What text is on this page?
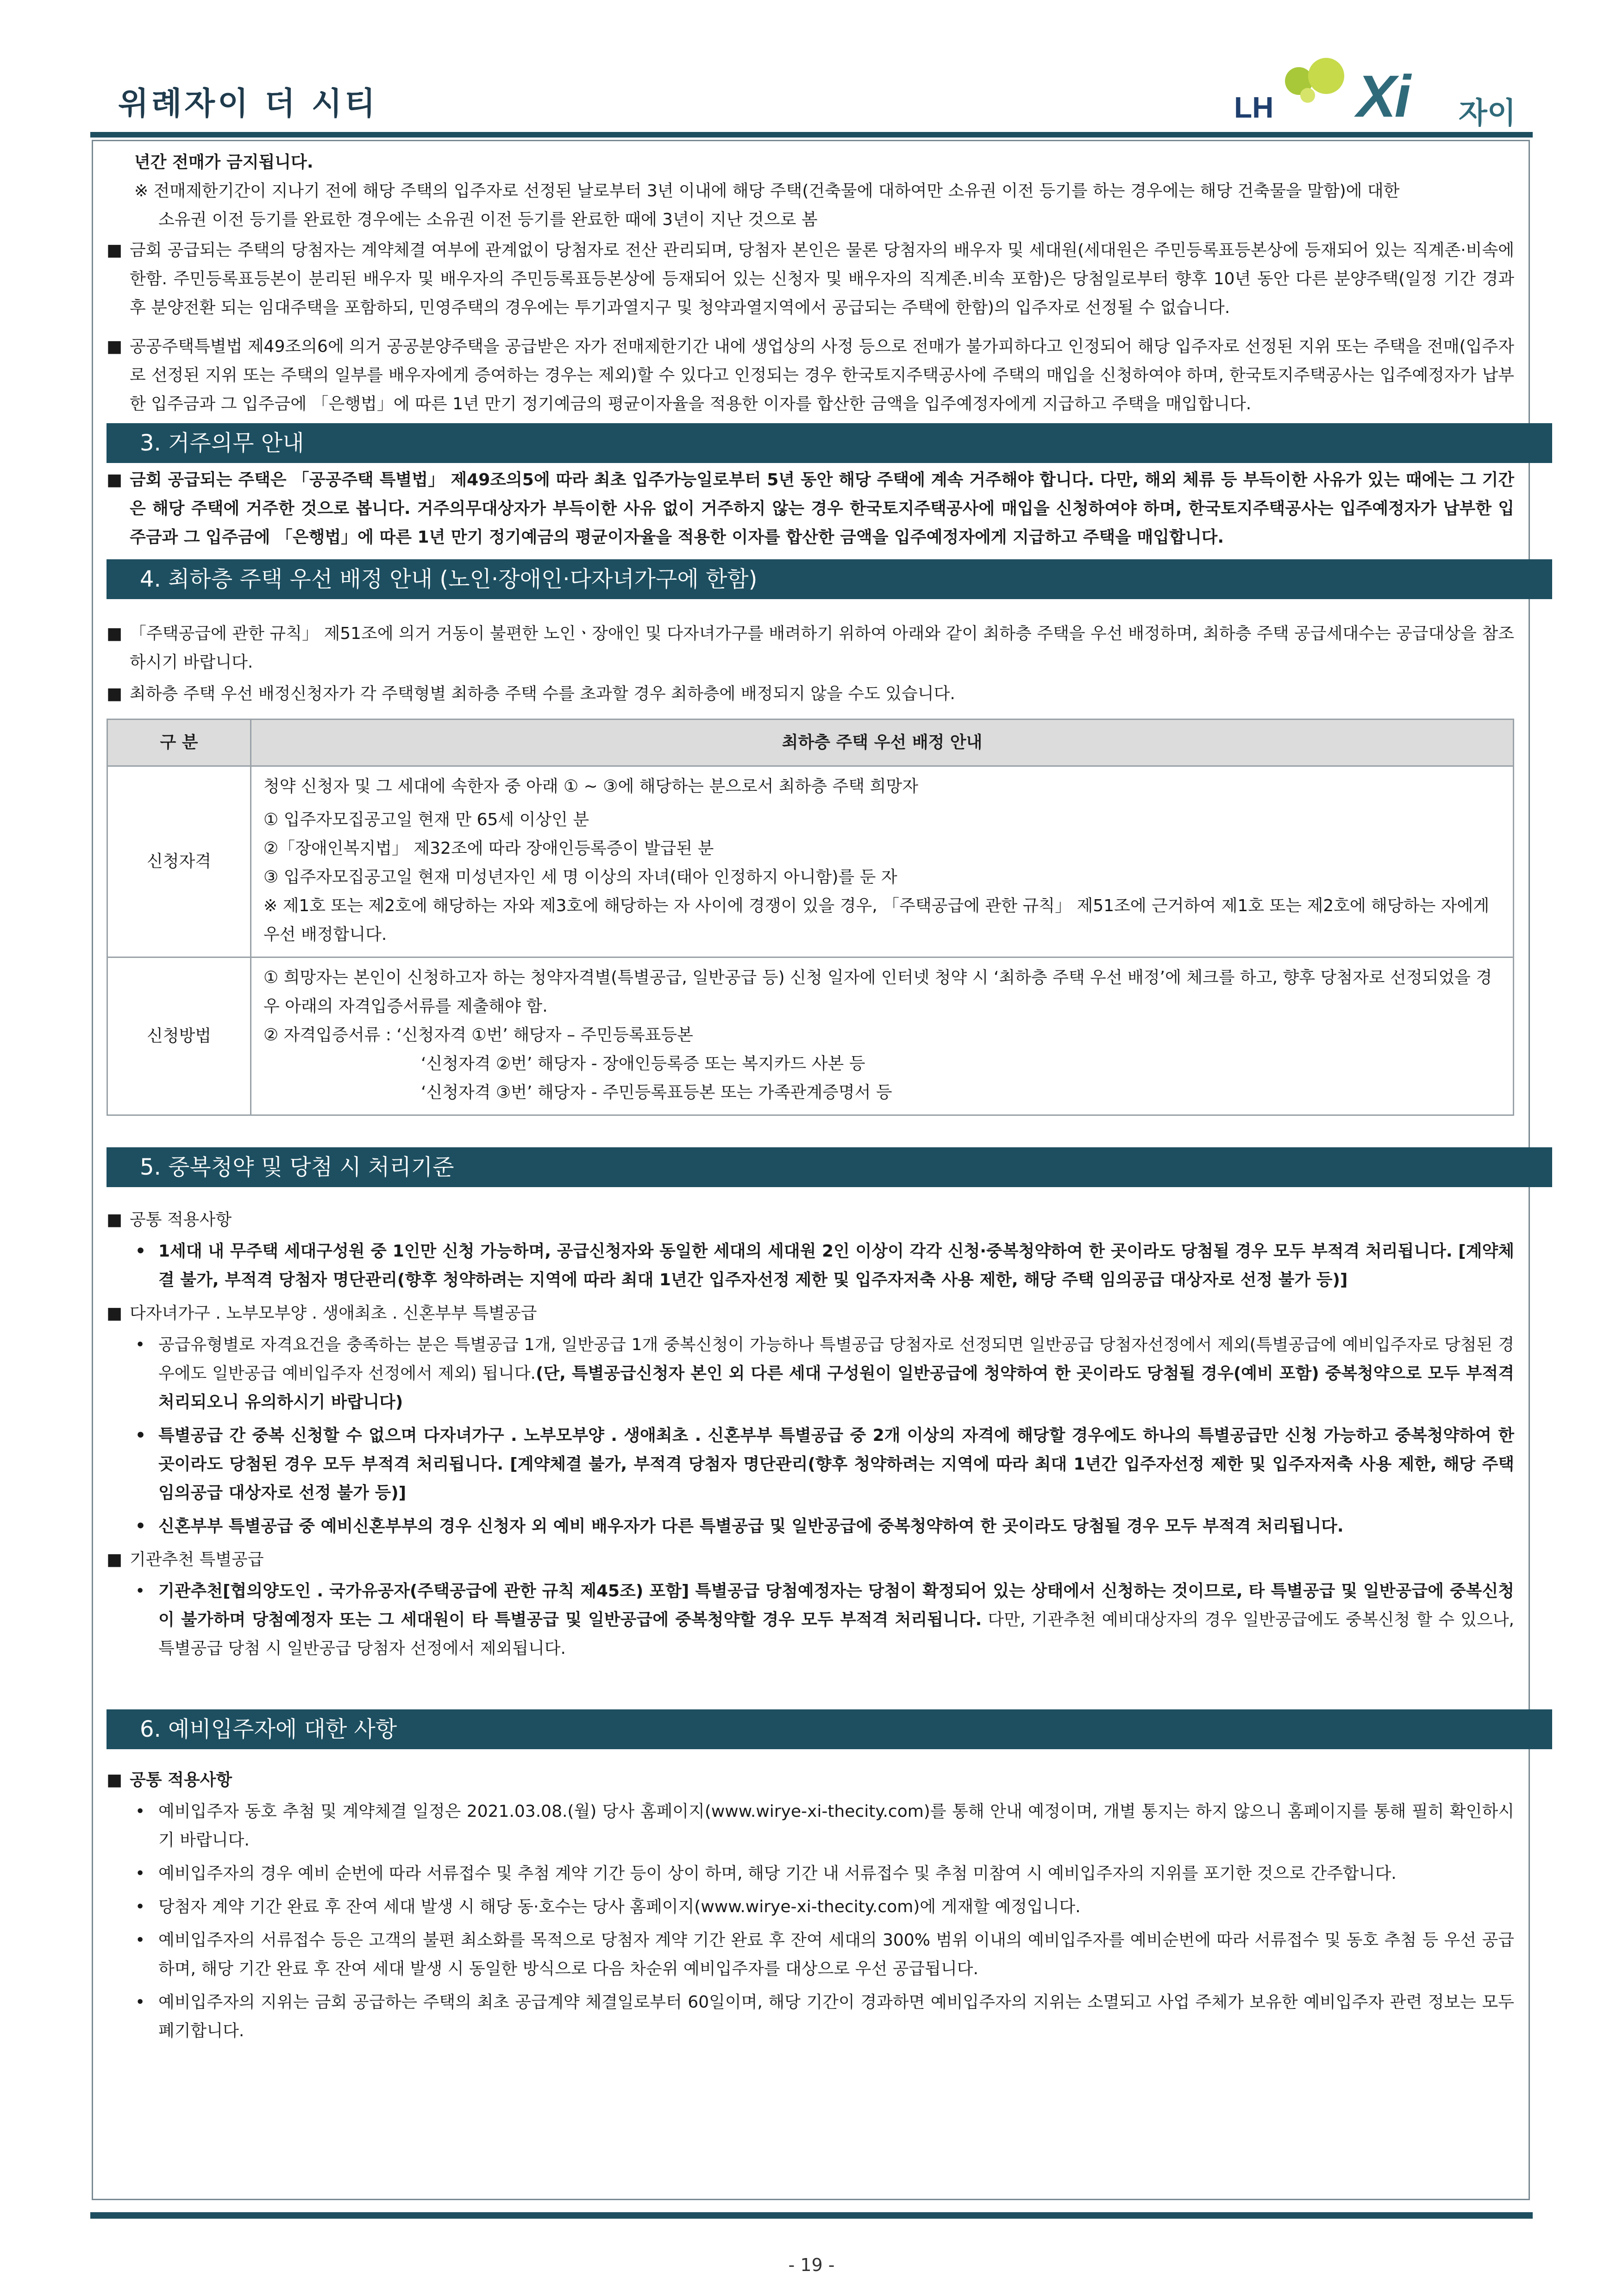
위례자이 더 시티	LH Xi 자이

년간 전매가 금지됩니다.

※ 전매제한기간이 지나기 전에 해당 주택의 입주자로 선정된 날로부터 3년 이내에 해당 주택(건축물에 대하여만 소유권 이전 등기를 하는 경우에는 해당 건축물을 말함)에 대한

소유권 이전 등기를 완료한 경우에는 소유권 이전 등기를 완료한 때에 3년이 지난 것으로 봄

■ 금회 공급되는 주택의 당첨자는 계약체결 여부에 관계없이 당첨자로 전산 관리되며, 당첨자 본인은 물론 당첨자의 배우자 및 세대원(세대원은 주민등록표등본상에 등재되어 있는 직계존·비속에 한함. 주민등록표등본이 분리된 배우자 및 배우자의 주민등록표등본상에 등재되어 있는 신청자 및 배우자의 직계존.비속 포함)은 당첨일로부터 향후 10년 동안 다른 분양주택(일정 기간 경과 후 분양전환 되는 임대주택을 포함하되, 민영주택의 경우에는 투기과열지구 및 청약과열지역에서 공급되는 주택에 한함)의 입주자로 선정될 수 없습니다.
■ 공공주택특별법 제49조의6에 의거 공공분양주택을 공급받은 자가 전매제한기간 내에 생업상의 사정 등으로 전매가 불가피하다고 인정되어 해당 입주자로 선정된 지위 또는 주택을 전매(입주자로 선정된 지위 또는 주택의 일부를 배우자에게 증여하는 경우는 제외)할 수 있다고 인정되는 경우 한국토지주택공사에 주택의 매입을 신청하여야 하며, 한국토지주택공사는 입주예정자가 납부한 입주금과 그 입주금에 「은행법」에 따른 1년 만기 정기예금의 평균이자율을 적용한 이자를 합산한 금액을 입주예정자에게 지급하고 주택을 매입합니다.
3. 거주의무 안내
■ 금회 공급되는 주택은 「공공주택 특별법」 제49조의5에 따라 최초 입주가능일로부터 5년 동안 해당 주택에 계속 거주해야 합니다. 다만, 해외 체류 등 부득이한 사유가 있는 때에는 그 기간은 해당 주택에 거주한 것으로 봅니다. 거주의무대상자가 부득이한 사유 없이 거주하지 않는 경우 한국토지주택공사에 매입을 신청하여야 하며, 한국토지주택공사는 입주예정자가 납부한 입주금과 그 입주금에 「은행법」에 따른 1년 만기 정기예금의 평균이자율을 적용한 이자를 합산한 금액을 입주예정자에게 지급하고 주택을 매입합니다.
4. 최하층 주택 우선 배정 안내 (노인·장애인·다자녀가구에 한함)
■ 「주택공급에 관한 규칙」 제51조에 의거 거동이 불편한 노인ㆍ장애인 및 다자녀가구를 배려하기 위하여 아래와 같이 최하층 주택을 우선 배정하며, 최하층 주택 공급세대수는 공급대상을 참조하시기 바랍니다.
■ 최하층 주택 우선 배정신청자가 각 주택형별 최하층 주택 수를 초과할 경우 최하층에 배정되지 않을 수도 있습니다.
구 분	최하층 주택 우선 배정 안내
신청자격	청약 신청자 및 그 세대에 속한자 중 아래 ① ~ ③에 해당하는 분으로서 최하층 주택 희망자

① 입주자모집공고일 현재 만 65세 이상인 분

②「장애인복지법」 제32조에 따라 장애인등록증이 발급된 분

③ 입주자모집공고일 현재 미성년자인 세 명 이상의 자녀(태아 인정하지 아니함)를 둔 자

※ 제1호 또는 제2호에 해당하는 자와 제3호에 해당하는 자 사이에 경쟁이 있을 경우, 「주택공급에 관한 규칙」 제51조에 근거하여 제1호 또는 제2호에 해당하는 자에게 우선 배정합니다.

신청방법	① 희망자는 본인이 신청하고자 하는 청약자격별(특별공급, 일반공급 등) 신청 일자에 인터넷 청약 시 ‘최하층 주택 우선 배정’에 체크를 하고, 향후 당첨자로 선정되었을 경우 아래의 자격입증서류를 제출해야 함.

② 자격입증서류 : ‘신청자격 ①번’ 해당자 – 주민등록표등본

‘신청자격 ②번’ 해당자 - 장애인등록증 또는 복지카드 사본 등

‘신청자격 ③번’ 해당자 - 주민등록표등본 또는 가족관계증명서 등

5. 중복청약 및 당첨 시 처리기준
■ 공통 적용사항
• 1세대 내 무주택 세대구성원 중 1인만 신청 가능하며, 공급신청자와 동일한 세대의 세대원 2인 이상이 각각 신청·중복청약하여 한 곳이라도 당첨될 경우 모두 부적격 처리됩니다. [계약체결 불가, 부적격 당첨자 명단관리(향후 청약하려는 지역에 따라 최대 1년간 입주자선정 제한 및 입주자저축 사용 제한, 해당 주택 임의공급 대상자로 선정 불가 등)]
■ 다자녀가구 . 노부모부양 . 생애최초 . 신혼부부 특별공급
• 공급유형별로 자격요건을 충족하는 분은 특별공급 1개, 일반공급 1개 중복신청이 가능하나 특별공급 당첨자로 선정되면 일반공급 당첨자선정에서 제외(특별공급에 예비입주자로 당첨된 경우에도 일반공급 예비입주자 선정에서 제외) 됩니다.(단, 특별공급신청자 본인 외 다른 세대 구성원이 일반공급에 청약하여 한 곳이라도 당첨될 경우(예비 포함) 중복청약으로 모두 부적격 처리되오니 유의하시기 바랍니다)
• 특별공급 간 중복 신청할 수 없으며 다자녀가구 . 노부모부양 . 생애최초 . 신혼부부 특별공급 중 2개 이상의 자격에 해당할 경우에도 하나의 특별공급만 신청 가능하고 중복청약하여 한 곳이라도 당첨된 경우 모두 부적격 처리됩니다. [계약체결 불가, 부적격 당첨자 명단관리(향후 청약하려는 지역에 따라 최대 1년간 입주자선정 제한 및 입주자저축 사용 제한, 해당 주택 임의공급 대상자로 선정 불가 등)]
• 신혼부부 특별공급 중 예비신혼부부의 경우 신청자 외 예비 배우자가 다른 특별공급 및 일반공급에 중복청약하여 한 곳이라도 당첨될 경우 모두 부적격 처리됩니다.
■ 기관추천 특별공급
• 기관추천[협의양도인 . 국가유공자(주택공급에 관한 규칙 제45조) 포함] 특별공급 당첨예정자는 당첨이 확정되어 있는 상태에서 신청하는 것이므로, 타 특별공급 및 일반공급에 중복신청이 불가하며 당첨예정자 또는 그 세대원이 타 특별공급 및 일반공급에 중복청약할 경우 모두 부적격 처리됩니다. 다만, 기관추천 예비대상자의 경우 일반공급에도 중복신청 할 수 있으나, 특별공급 당첨 시 일반공급 당첨자 선정에서 제외됩니다.
6. 예비입주자에 대한 사항
■ 공통 적용사항
• 예비입주자 동호 추첨 및 계약체결 일정은 2021.03.08.(월) 당사 홈페이지(www.wirye-xi-thecity.com)를 통해 안내 예정이며, 개별 통지는 하지 않으니 홈페이지를 통해 필히 확인하시기 바랍니다.
• 예비입주자의 경우 예비 순번에 따라 서류접수 및 추첨 계약 기간 등이 상이 하며, 해당 기간 내 서류접수 및 추첨 미참여 시 예비입주자의 지위를 포기한 것으로 간주합니다.
• 당첨자 계약 기간 완료 후 잔여 세대 발생 시 해당 동·호수는 당사 홈페이지(www.wirye-xi-thecity.com)에 게재할 예정입니다.
• 예비입주자의 서류접수 등은 고객의 불편 최소화를 목적으로 당첨자 계약 기간 완료 후 잔여 세대의 300% 범위 이내의 예비입주자를 예비순번에 따라 서류접수 및 동호 추첨 등 우선 공급하며, 해당 기간 완료 후 잔여 세대 발생 시 동일한 방식으로 다음 차순위 예비입주자를 대상으로 우선 공급됩니다.
• 예비입주자의 지위는 금회 공급하는 주택의 최초 공급계약 체결일로부터 60일이며, 해당 기간이 경과하면 예비입주자의 지위는 소멸되고 사업 주체가 보유한 예비입주자 관련 정보는 모두 폐기합니다.
- 19 -
